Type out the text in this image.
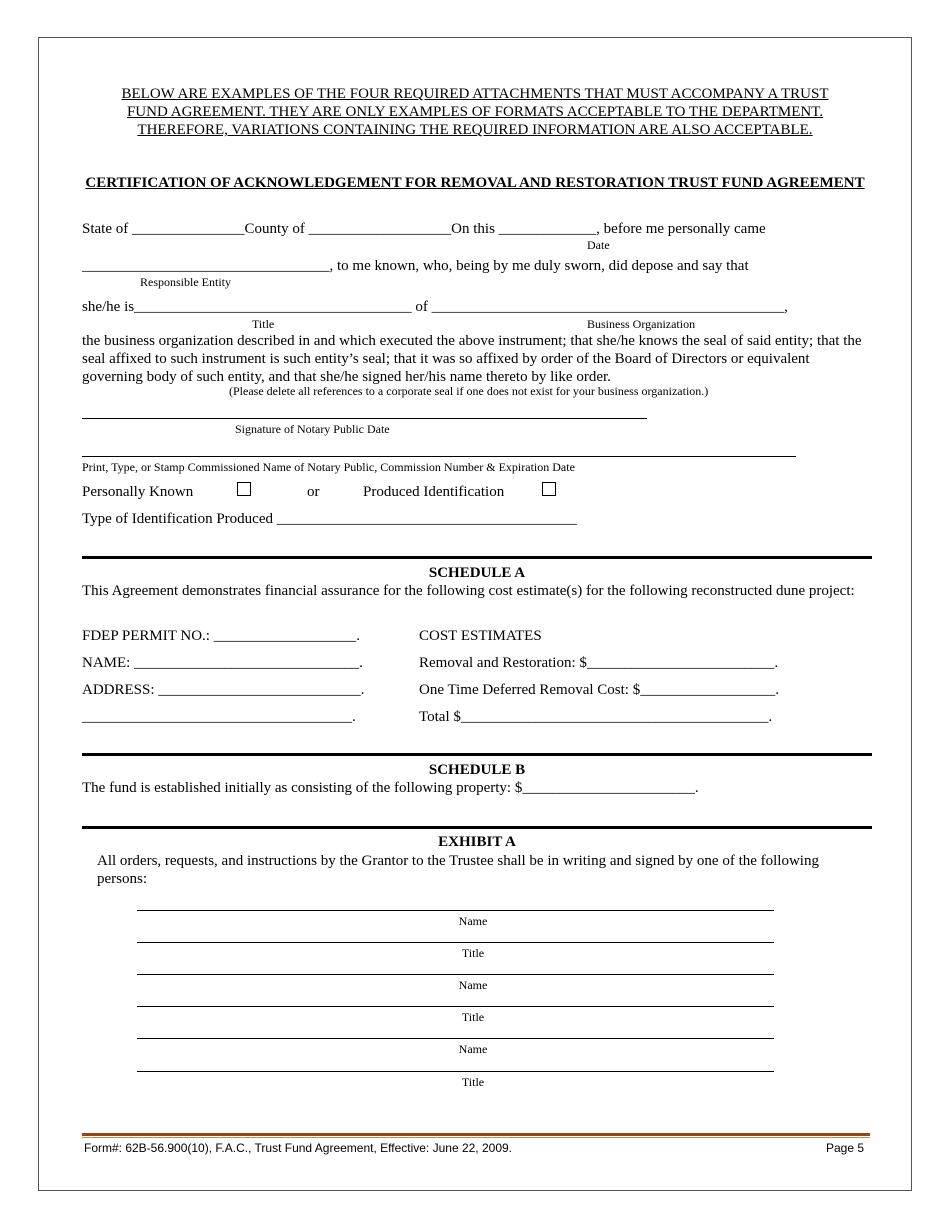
BELOW ARE EXAMPLES OF THE FOUR REQUIRED ATTACHMENTS THAT MUST ACCOMPANY A TRUST
FUND AGREEMENT. THEY ARE ONLY EXAMPLES OF FORMATS ACCEPTABLE TO THE DEPARTMENT.
THEREFORE, VARIATIONS CONTAINING THE REQUIRED INFORMATION ARE ALSO ACCEPTABLE.
CERTIFICATION OF ACKNOWLEDGEMENT FOR REMOVAL AND RESTORATION TRUST FUND AGREEMENT
State of _______________County of ___________________On this _____________, before me personally came
Date
_________________________________, to me known, who, being by me duly sworn, did depose and say that
Responsible Entity
she/he is_____________________________________ of _______________________________________________,
Title	Business Organization
the business organization described in and which executed the above instrument; that she/he knows the seal of said entity; that the seal affixed to such instrument is such entity’s seal; that it was so affixed by order of the Board of Directors or equivalent governing body of such entity, and that she/he signed her/his name thereto by like order.
(Please delete all references to a corporate seal if one does not exist for your business organization.)
Signature of Notary Public Date
Print, Type, or Stamp Commissioned Name of Notary Public, Commission Number & Expiration Date
Personally Known	or	Produced Identification
Type of Identification Produced ________________________________________
SCHEDULE A
This Agreement demonstrates financial assurance for the following cost estimate(s) for the following reconstructed dune project:
FDEP PERMIT NO.: ___________________.	COST ESTIMATES
NAME: ______________________________.	Removal and Restoration: $_________________________.
ADDRESS: ___________________________.	One Time Deferred Removal Cost: $__________________.
____________________________________.	Total $_________________________________________.
SCHEDULE B
The fund is established initially as consisting of the following property: $_______________________.
EXHIBIT A
All orders, requests, and instructions by the Grantor to the Trustee shall be in writing and signed by one of the following persons:
Name
Title
Name
Title
Name
Title
Form#: 62B-56.900(10), F.A.C., Trust Fund Agreement, Effective: June 22, 2009.	Page 5
